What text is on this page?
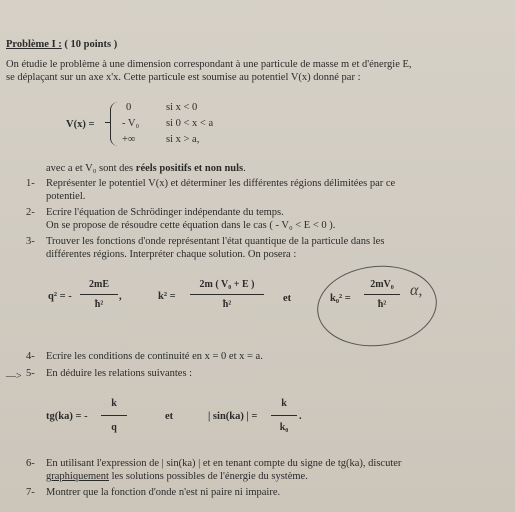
Problème I : ( 10 points )
On étudie le problème à une dimension correspondant à une particule de masse m et d'énergie E,
se déplaçant sur un axe x'x. Cette particule est soumise au potentiel V(x) donné par :
V(x) =
0	si x < 0
- V₀	si 0 < x < a
+∞	si x > a,
avec a et V₀ sont des réels positifs et non nuls.
1- Représenter le potentiel V(x) et déterminer les différentes régions délimitées par ce
potentiel.
2- Ecrire l'équation de Schrödinger indépendante du temps.
On se propose de résoudre cette équation dans le cas ( - V₀ < E < 0 ).
3- Trouver les fonctions d'onde représentant l'état quantique de la particule dans les
différentes régions. Interpréter chaque solution. On posera :
q² = -
2mE
ħ²
,	k² =
2m ( V₀ + E )
ħ²
et	k₀² =
2mV₀
ħ²
α,
4- Ecrire les conditions de continuité en x = 0 et x = a.
—> 5- En déduire les relations suivantes :
tg(ka) = -
k
q
et	| sin(ka) | =
k
k₀
.
6- En utilisant l'expression de | sin(ka) | et en tenant compte du signe de tg(ka), discuter
graphiquement les solutions possibles de l'énergie du système.
7- Montrer que la fonction d'onde n'est ni paire ni impaire.
